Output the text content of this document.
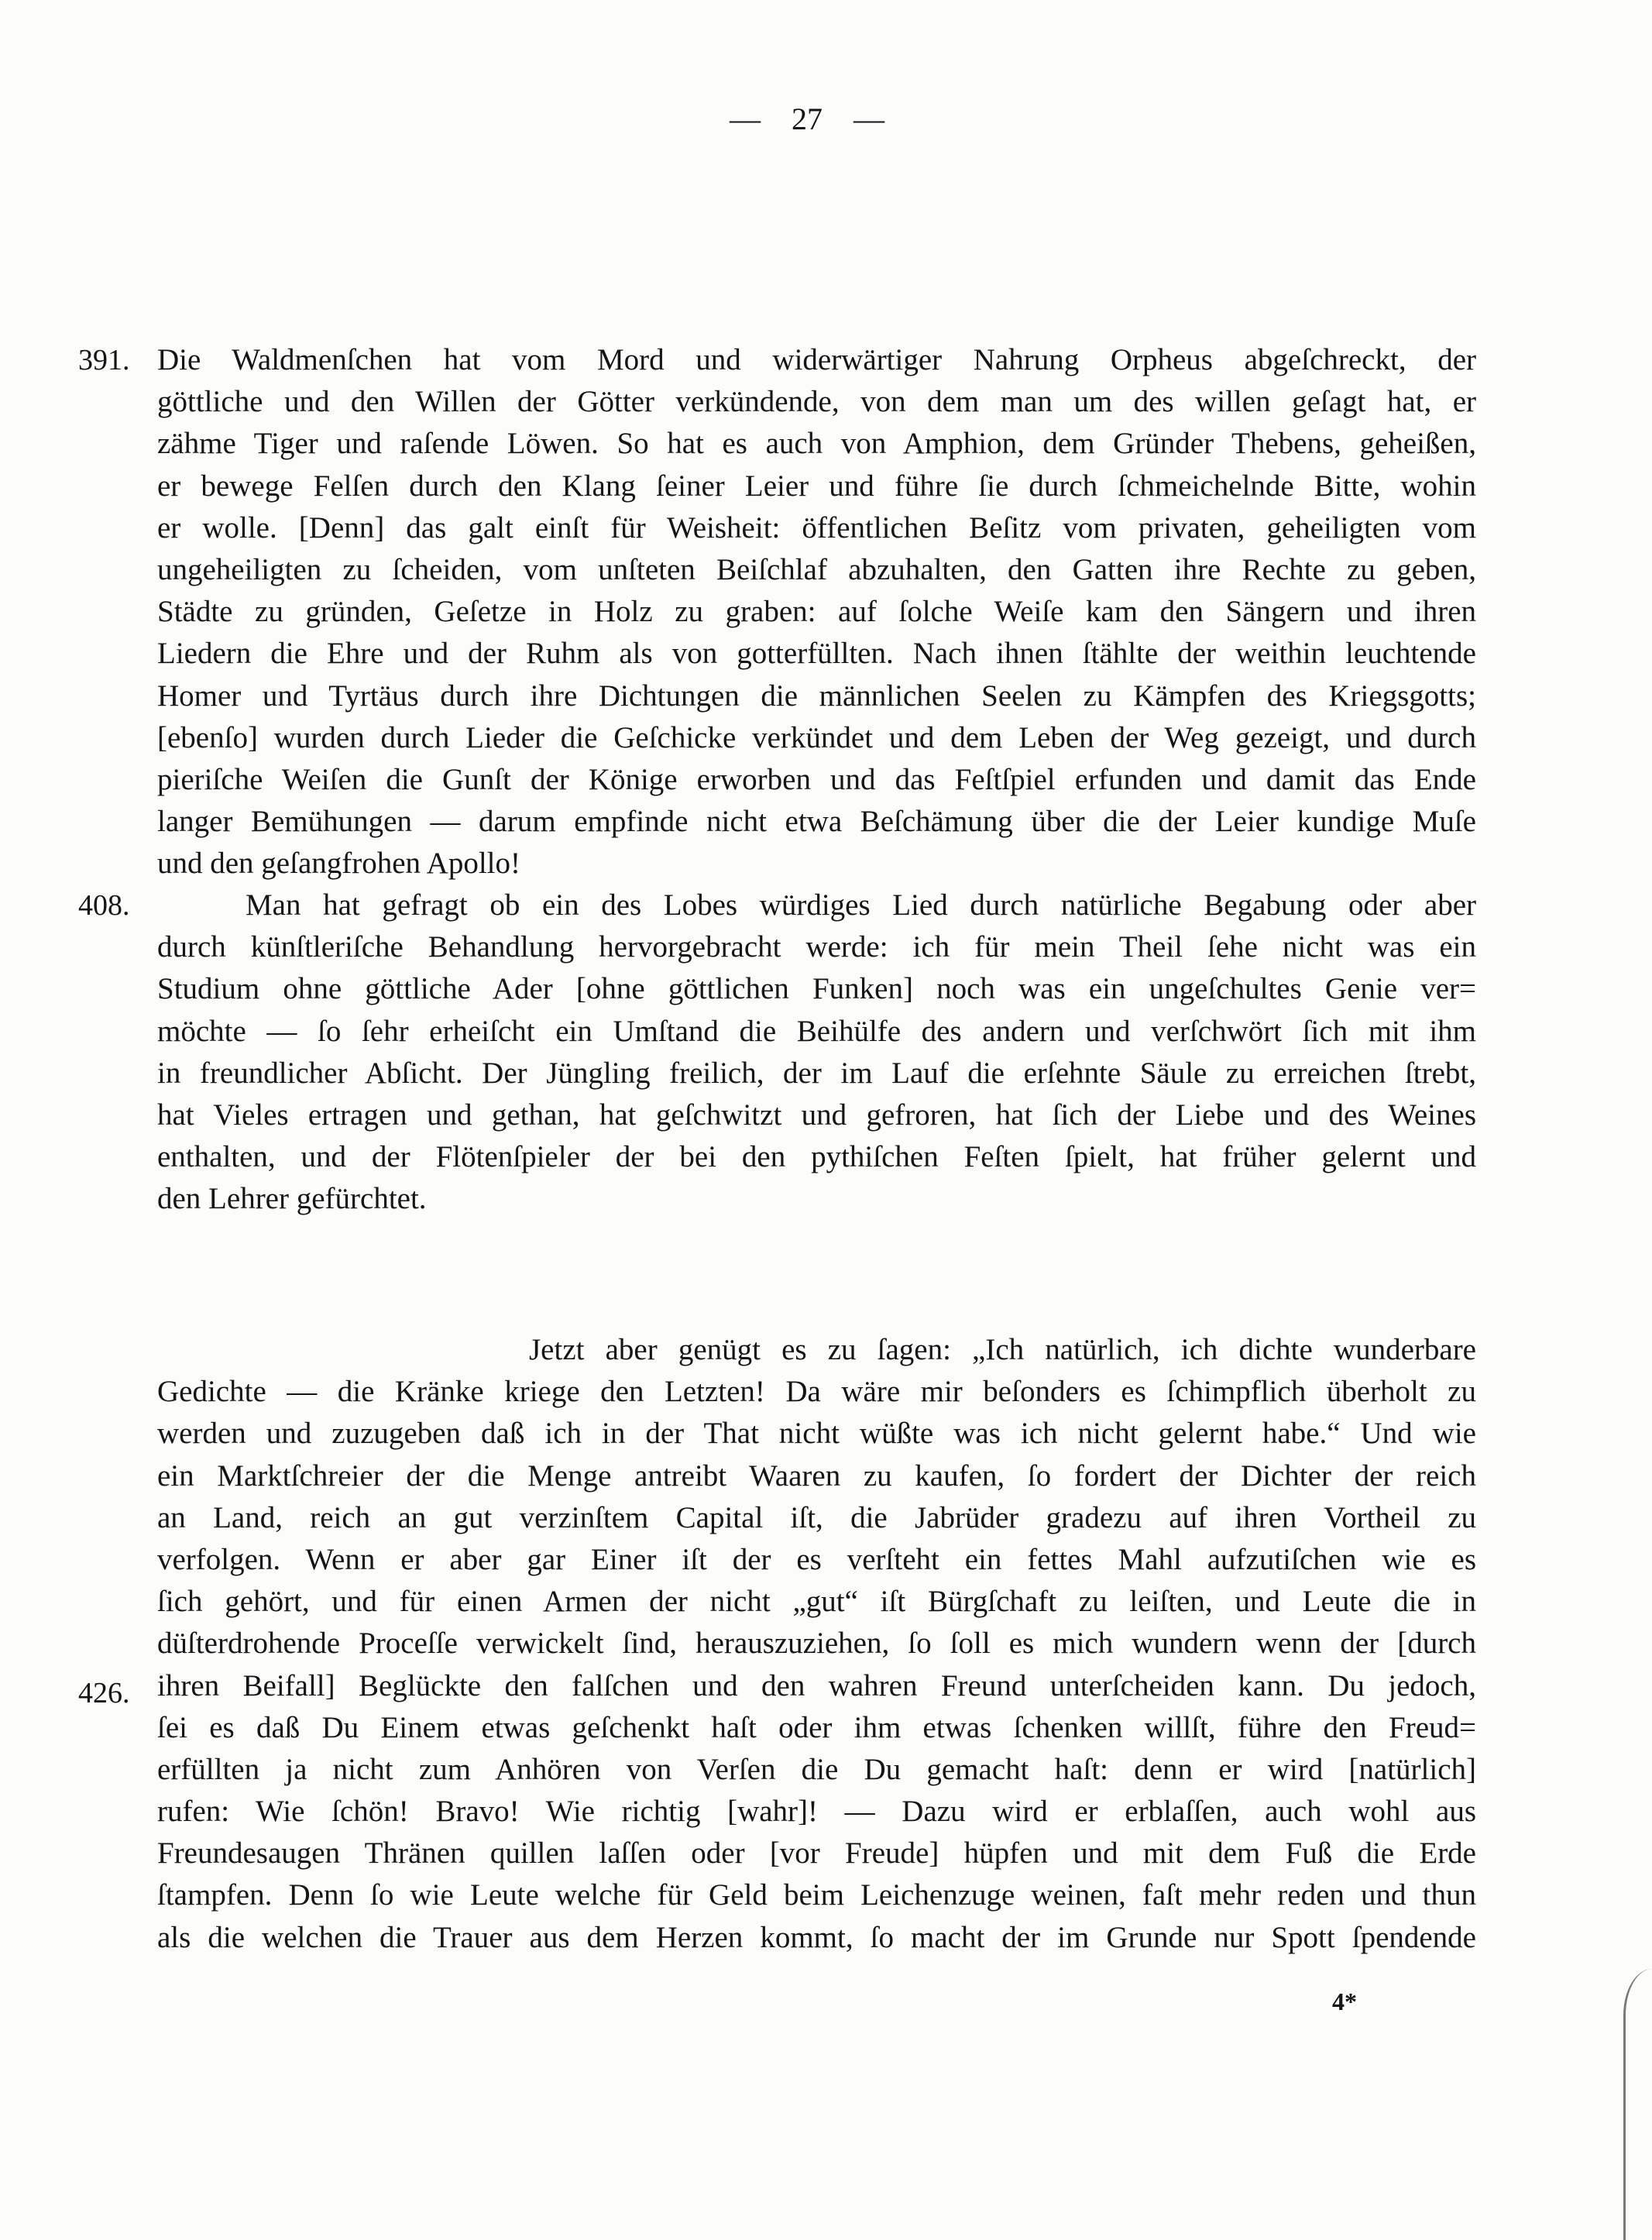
— 27 —
391. Die Waldmenſchen hat vom Mord und widerwärtiger Nahrung Orpheus abgeſchreckt, der
göttliche und den Willen der Götter verkündende, von dem man um des willen geſagt hat, er
zähme Tiger und raſende Löwen. So hat es auch von Amphion, dem Gründer Thebens, geheißen,
er bewege Felſen durch den Klang ſeiner Leier und führe ſie durch ſchmeichelnde Bitte, wohin
er wolle. [Denn] das galt einſt für Weisheit: öffentlichen Beſitz vom privaten, geheiligten vom
ungeheiligten zu ſcheiden, vom unſteten Beiſchlaf abzuhalten, den Gatten ihre Rechte zu geben,
Städte zu gründen, Geſetze in Holz zu graben: auf ſolche Weiſe kam den Sängern und ihren
Liedern die Ehre und der Ruhm als von gotterfüllten. Nach ihnen ſtählte der weithin leuchtende
Homer und Tyrtäus durch ihre Dichtungen die männlichen Seelen zu Kämpfen des Kriegsgotts;
[ebenſo] wurden durch Lieder die Geſchicke verkündet und dem Leben der Weg gezeigt, und durch
pieriſche Weiſen die Gunſt der Könige erworben und das Feſtſpiel erfunden und damit das Ende
langer Bemühungen — darum empfinde nicht etwa Beſchämung über die der Leier kundige Muſe
und den geſangfrohen Apollo!
408.	Man hat gefragt ob ein des Lobes würdiges Lied durch natürliche Begabung oder aber
durch künſtleriſche Behandlung hervorgebracht werde: ich für mein Theil ſehe nicht was ein
Studium ohne göttliche Ader [ohne göttlichen Funken] noch was ein ungeſchultes Genie ver=
möchte — ſo ſehr erheiſcht ein Umſtand die Beihülfe des andern und verſchwört ſich mit ihm
in freundlicher Abſicht. Der Jüngling freilich, der im Lauf die erſehnte Säule zu erreichen ſtrebt,
hat Vieles ertragen und gethan, hat geſchwitzt und gefroren, hat ſich der Liebe und des Weines
enthalten, und der Flötenſpieler der bei den pythiſchen Feſten ſpielt, hat früher gelernt und
den Lehrer gefürchtet.
Jetzt aber genügt es zu ſagen: „Ich natürlich, ich dichte wunderbare
Gedichte — die Kränke kriege den Letzten! Da wäre mir beſonders es ſchimpflich überholt zu
werden und zuzugeben daß ich in der That nicht wüßte was ich nicht gelernt habe.“ Und wie
ein Marktſchreier der die Menge antreibt Waaren zu kaufen, ſo fordert der Dichter der reich
an Land, reich an gut verzinſtem Capital iſt, die Jabrüder gradezu auf ihren Vortheil zu
verfolgen. Wenn er aber gar Einer iſt der es verſteht ein fettes Mahl aufzutiſchen wie es
ſich gehört, und für einen Armen der nicht „gut“ iſt Bürgſchaft zu leiſten, und Leute die in
düſterdrohende Proceſſe verwickelt ſind, herauszuziehen, ſo ſoll es mich wundern wenn der [durch
426. ihren Beifall] Beglückte den falſchen und den wahren Freund unterſcheiden kann. Du jedoch,
ſei es daß Du Einem etwas geſchenkt haſt oder ihm etwas ſchenken willſt, führe den Freud=
erfüllten ja nicht zum Anhören von Verſen die Du gemacht haſt: denn er wird [natürlich]
rufen: Wie ſchön! Bravo! Wie richtig [wahr]! — Dazu wird er erblaſſen, auch wohl aus
Freundesaugen Thränen quillen laſſen oder [vor Freude] hüpfen und mit dem Fuß die Erde
ſtampfen. Denn ſo wie Leute welche für Geld beim Leichenzuge weinen, faſt mehr reden und thun
als die welchen die Trauer aus dem Herzen kommt, ſo macht der im Grunde nur Spott ſpendende
4*
